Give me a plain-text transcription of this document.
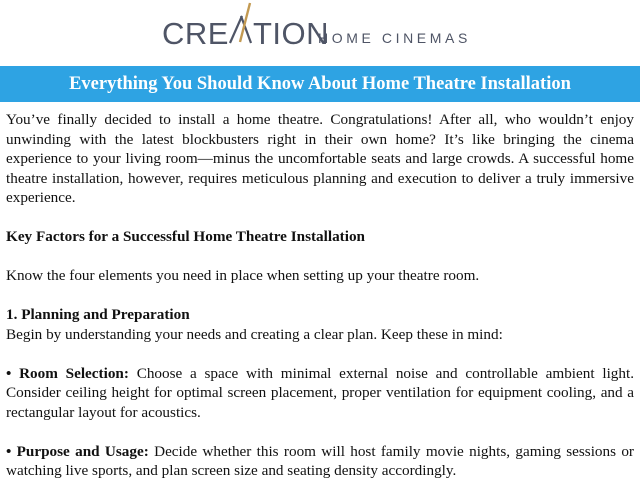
CRE TION
HOME CINEMAS
Everything You Should Know About Home Theatre Installation

You’ve finally decided to install a home theatre. Congratulations! After all, who wouldn’t enjoy unwinding with the latest blockbusters right in their own home? It’s like bringing the cinema experience to your living room—minus the uncomfortable seats and large crowds. A successful home theatre installation, however, requires meticulous planning and execution to deliver a truly immersive experience.

Key Factors for a Successful Home Theatre Installation

Know the four elements you need in place when setting up your theatre room.

1. Planning and Preparation

Begin by understanding your needs and creating a clear plan. Keep these in mind:

• Room Selection: Choose a space with minimal external noise and controllable ambient light. Consider ceiling height for optimal screen placement, proper ventilation for equipment cooling, and a rectangular layout for acoustics.

• Purpose and Usage: Decide whether this room will host family movie nights, gaming sessions or watching live sports, and plan screen size and seating density accordingly.
